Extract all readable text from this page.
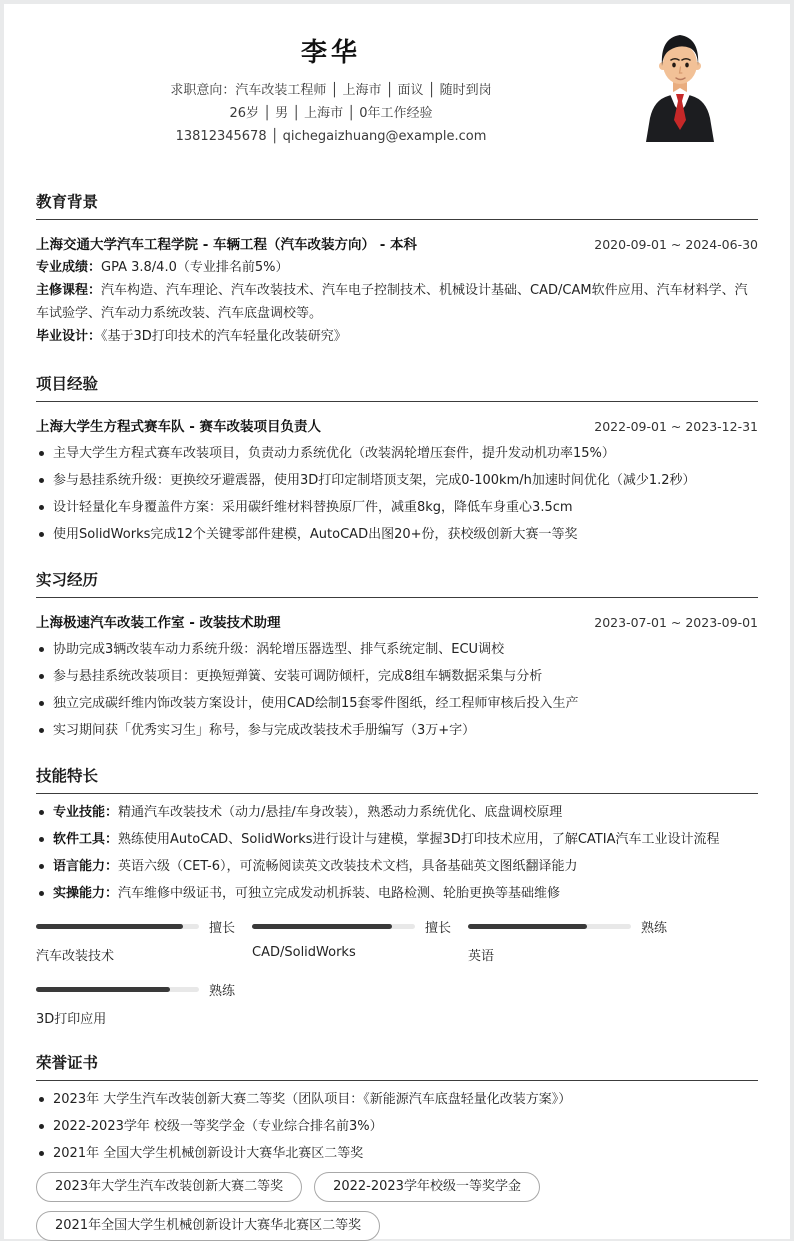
李华

求职意向：汽车改装工程师 │ 上海市 │ 面议 │ 随时到岗

26岁 │ 男 │ 上海市 │ 0年工作经验

13812345678 │ qichegaizhuang@example.com

教育背景
上海交通大学汽车工程学院 - 车辆工程（汽车改装方向） - 本科	2020-09-01 ~ 2024-06-30

专业成绩：GPA 3.8/4.0（专业排名前5%）

主修课程：汽车构造、汽车理论、汽车改装技术、汽车电子控制技术、机械设计基础、CAD/CAM软件应用、汽车材料学、汽车试验学、汽车动力系统改装、汽车底盘调校等。

毕业设计：《基于3D打印技术的汽车轻量化改装研究》

项目经验
上海大学生方程式赛车队 - 赛车改装项目负责人	2022-09-01 ~ 2023-12-31
主导大学生方程式赛车改装项目，负责动力系统优化（改装涡轮增压套件，提升发动机功率15%）
参与悬挂系统升级：更换绞牙避震器，使用3D打印定制塔顶支架，完成0-100km/h加速时间优化（减少1.2秒）
设计轻量化车身覆盖件方案：采用碳纤维材料替换原厂件，减重8kg，降低车身重心3.5cm
使用SolidWorks完成12个关键零部件建模，AutoCAD出图20+份，获校级创新大赛一等奖
实习经历
上海极速汽车改装工作室 - 改装技术助理	2023-07-01 ~ 2023-09-01
协助完成3辆改装车动力系统升级：涡轮增压器选型、排气系统定制、ECU调校
参与悬挂系统改装项目：更换短弹簧、安装可调防倾杆，完成8组车辆数据采集与分析
独立完成碳纤维内饰改装方案设计，使用CAD绘制15套零件图纸，经工程师审核后投入生产
实习期间获「优秀实习生」称号，参与完成改装技术手册编写（3万+字）
技能特长
专业技能：精通汽车改装技术（动力/悬挂/车身改装），熟悉动力系统优化、底盘调校原理
软件工具：熟练使用AutoCAD、SolidWorks进行设计与建模，掌握3D打印技术应用，了解CATIA汽车工业设计流程
语言能力：英语六级（CET-6），可流畅阅读英文改装技术文档，具备基础英文图纸翻译能力
实操能力：汽车维修中级证书，可独立完成发动机拆装、电路检测、轮胎更换等基础维修
擅长
汽车改装技术
擅长
CAD/SolidWorks
熟练
英语
熟练
3D打印应用
荣誉证书
2023年 大学生汽车改装创新大赛二等奖（团队项目：《新能源汽车底盘轻量化改装方案》）
2022-2023学年 校级一等奖学金（专业综合排名前3%）
2021年 全国大学生机械创新设计大赛华北赛区二等奖
2023年大学生汽车改装创新大赛二等奖	2022-2023学年校级一等奖学金
2021年全国大学生机械创新设计大赛华北赛区二等奖
